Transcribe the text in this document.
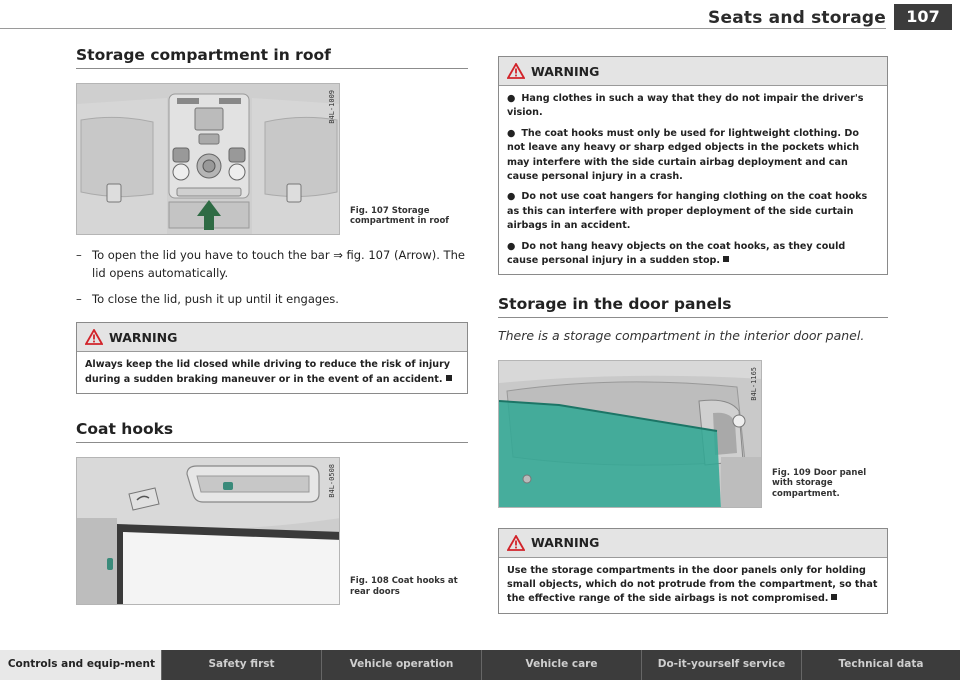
Seats and storage	107
Storage compartment in roof
B4L-1009
Fig. 107 Storage compartment in roof
– To open the lid you have to touch the bar ⇒ fig. 107 (Arrow). The lid opens automatically.
– To close the lid, push it up until it engages.
WARNING

Always keep the lid closed while driving to reduce the risk of injury during a sudden braking maneuver or in the event of an accident.

Coat hooks
B4L-0508
Fig. 108 Coat hooks at rear doors
WARNING

● Hang clothes in such a way that they do not impair the driver's vision.

● The coat hooks must only be used for lightweight clothing. Do not leave any heavy or sharp edged objects in the pockets which may interfere with the side curtain airbag deployment and can cause personal injury in a crash.

● Do not use coat hangers for hanging clothing on the coat hooks as this can interfere with proper deployment of the side curtain airbags in an accident.

● Do not hang heavy objects on the coat hooks, as they could cause personal injury in a sudden stop.

Storage in the door panels

There is a storage compartment in the interior door panel.

B4L-1165
Fig. 109 Door panel with storage compartment.
WARNING

Use the storage compartments in the door panels only for holding small objects, which do not protrude from the compartment, so that the effective range of the side airbags is not compromised.

Controls and equip-ment	Safety first	Vehicle operation	Vehicle care	Do-it-yourself service	Technical data
